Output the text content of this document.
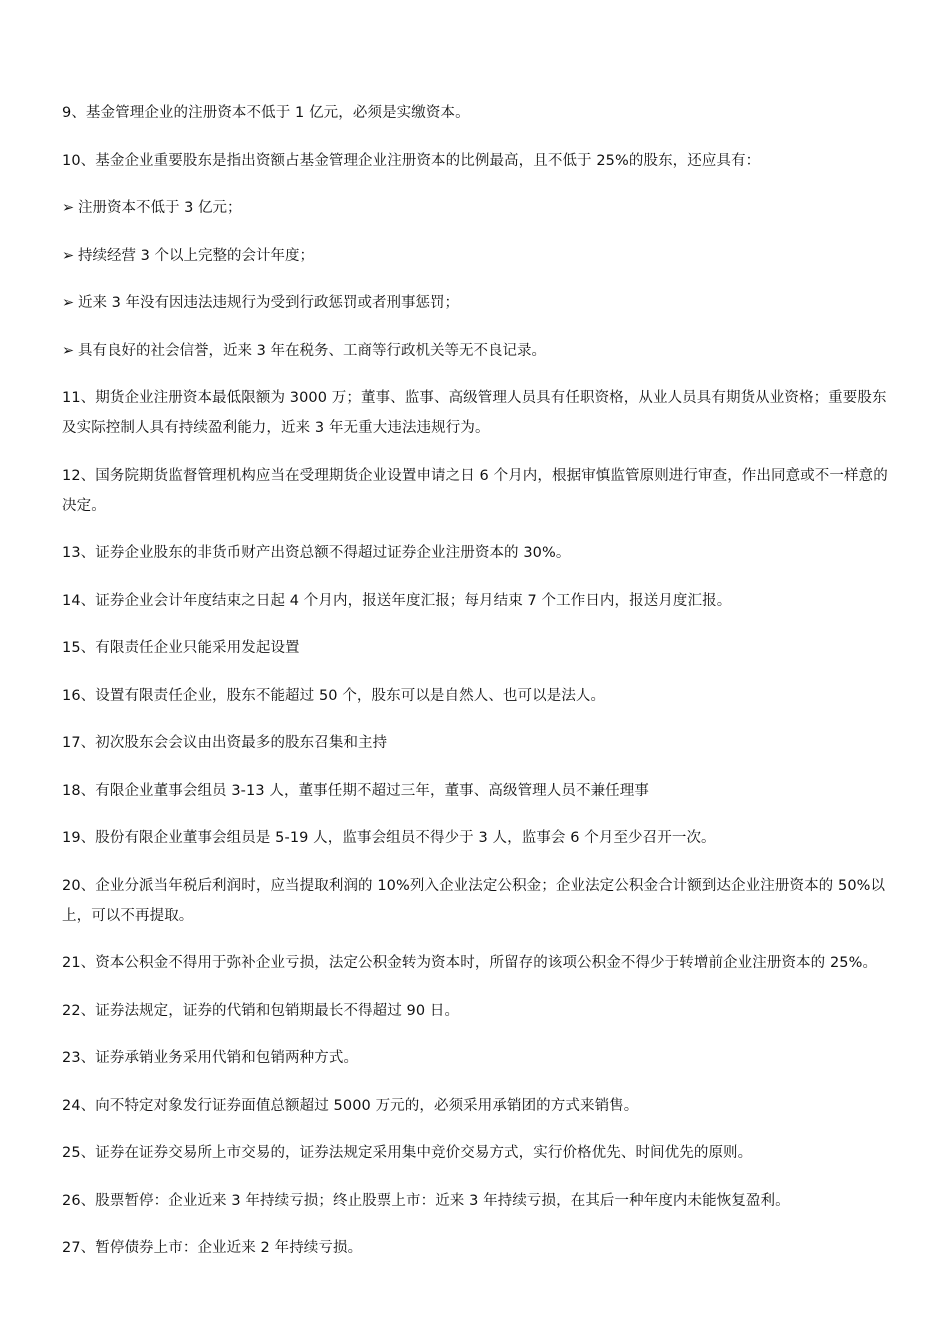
9、基金管理企业的注册资本不低于 1 亿元，必须是实缴资本。

10、基金企业重要股东是指出资额占基金管理企业注册资本的比例最高，且不低于 25%的股东，还应具有：

➢ 注册资本不低于 3 亿元；

➢ 持续经营 3 个以上完整的会计年度；

➢ 近来 3 年没有因违法违规行为受到行政惩罚或者刑事惩罚；

➢ 具有良好的社会信誉，近来 3 年在税务、工商等行政机关等无不良记录。

11、期货企业注册资本最低限额为 3000 万；董事、监事、高级管理人员具有任职资格，从业人员具有期货从业资格；重要股东及实际控制人具有持续盈利能力，近来 3 年无重大违法违规行为。

12、国务院期货监督管理机构应当在受理期货企业设置申请之日 6 个月内，根据审慎监管原则进行审查，作出同意或不一样意的决定。

13、证券企业股东的非货币财产出资总额不得超过证券企业注册资本的 30%。

14、证券企业会计年度结束之日起 4 个月内，报送年度汇报；每月结束 7 个工作日内，报送月度汇报。

15、有限责任企业只能采用发起设置

16、设置有限责任企业，股东不能超过 50 个，股东可以是自然人、也可以是法人。

17、初次股东会会议由出资最多的股东召集和主持

18、有限企业董事会组员 3-13 人，董事任期不超过三年，董事、高级管理人员不兼任理事

19、股份有限企业董事会组员是 5-19 人，监事会组员不得少于 3 人，监事会 6 个月至少召开一次。

20、企业分派当年税后利润时，应当提取利润的 10%列入企业法定公积金；企业法定公积金合计额到达企业注册资本的 50%以上，可以不再提取。

21、资本公积金不得用于弥补企业亏损，法定公积金转为资本时，所留存的该项公积金不得少于转增前企业注册资本的 25%。

22、证券法规定，证券的代销和包销期最长不得超过 90 日。

23、证券承销业务采用代销和包销两种方式。

24、向不特定对象发行证券面值总额超过 5000 万元的，必须采用承销团的方式来销售。

25、证券在证券交易所上市交易的，证券法规定采用集中竞价交易方式，实行价格优先、时间优先的原则。

26、股票暂停：企业近来 3 年持续亏损；终止股票上市：近来 3 年持续亏损，在其后一种年度内未能恢复盈利。

27、暂停债券上市：企业近来 2 年持续亏损。
